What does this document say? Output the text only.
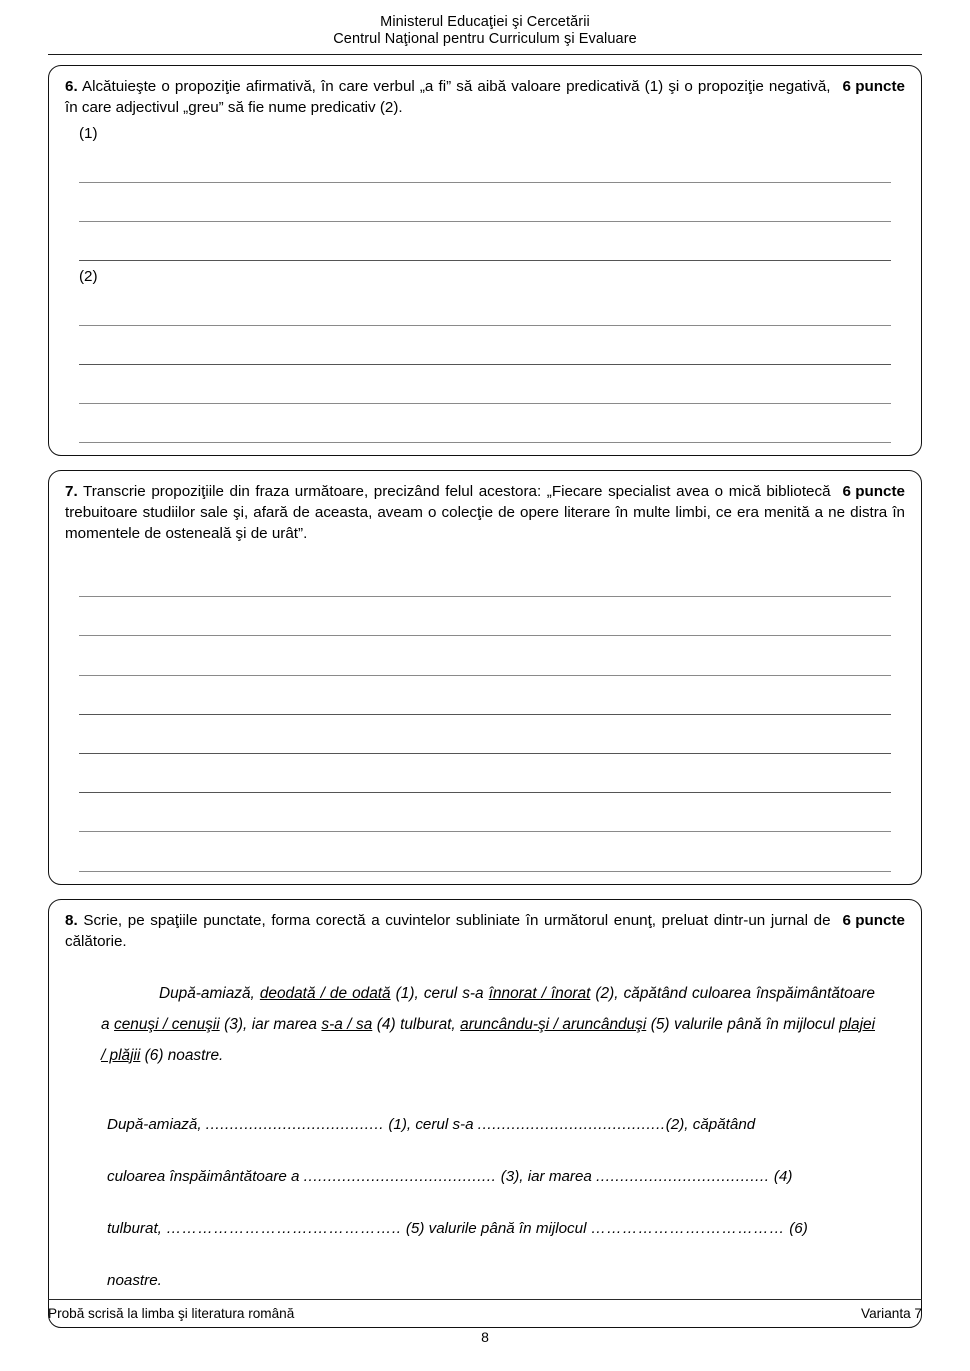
Ministerul Educaţiei şi Cercetării
Centrul Naţional pentru Curriculum şi Evaluare
6 puncte
6. Alcătuieşte o propoziţie afirmativă, în care verbul „a fi” să aibă valoare predicativă (1) şi o propoziţie negativă, în care adjectivul „greu” să fie nume predicativ (2).
(1)
(2)
6 puncte
7. Transcrie propoziţiile din fraza următoare, precizând felul acestora: „Fiecare specialist avea o mică bibliotecă trebuitoare studiilor sale şi, afară de aceasta, aveam o colecţie de opere literare în multe limbi, ce era menită a ne distra în momentele de osteneală şi de urât”.
6 puncte
8. Scrie, pe spaţiile punctate, forma corectă a cuvintelor subliniate în următorul enunţ, preluat dintr-un jurnal de călătorie.
După-amiază, deodată / de odată (1), cerul s-a înnorat / înorat (2), căpătând culoarea înspăimântătoare a cenuşi / cenuşii (3), iar marea s-a / sa (4) tulburat, aruncându-şi / aruncânduşi (5) valurile până în mijlocul plajei / plăjii (6) noastre.
După-amiază, ..................................... (1), cerul s-a .......................................(2), căpătând
culoarea înspăimântătoare a ........................................ (3), iar marea .................................... (4)
tulburat, ……………………….…………….. (5) valurile până în mijlocul ………………….…………… (6)
noastre.
Probă scrisă la limba şi literatura română	Varianta 7
8
